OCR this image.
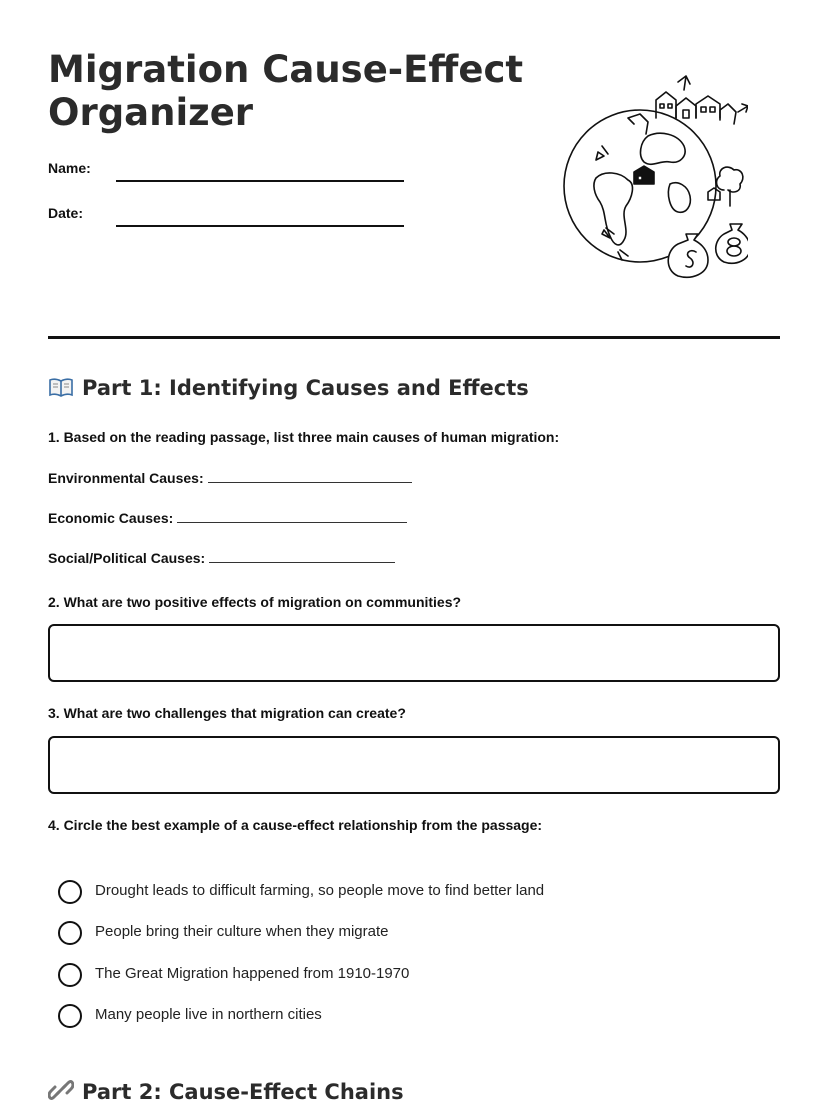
Migration Cause-Effect Organizer
Name:
Date:
Part 1: Identifying Causes and Effects
1. Based on the reading passage, list three main causes of human migration:
Environmental Causes:
Economic Causes:
Social/Political Causes:
2. What are two positive effects of migration on communities?
3. What are two challenges that migration can create?
4. Circle the best example of a cause-effect relationship from the passage:
Drought leads to difficult farming, so people move to find better land
People bring their culture when they migrate
The Great Migration happened from 1910-1970
Many people live in northern cities
Part 2: Cause-Effect Chains
